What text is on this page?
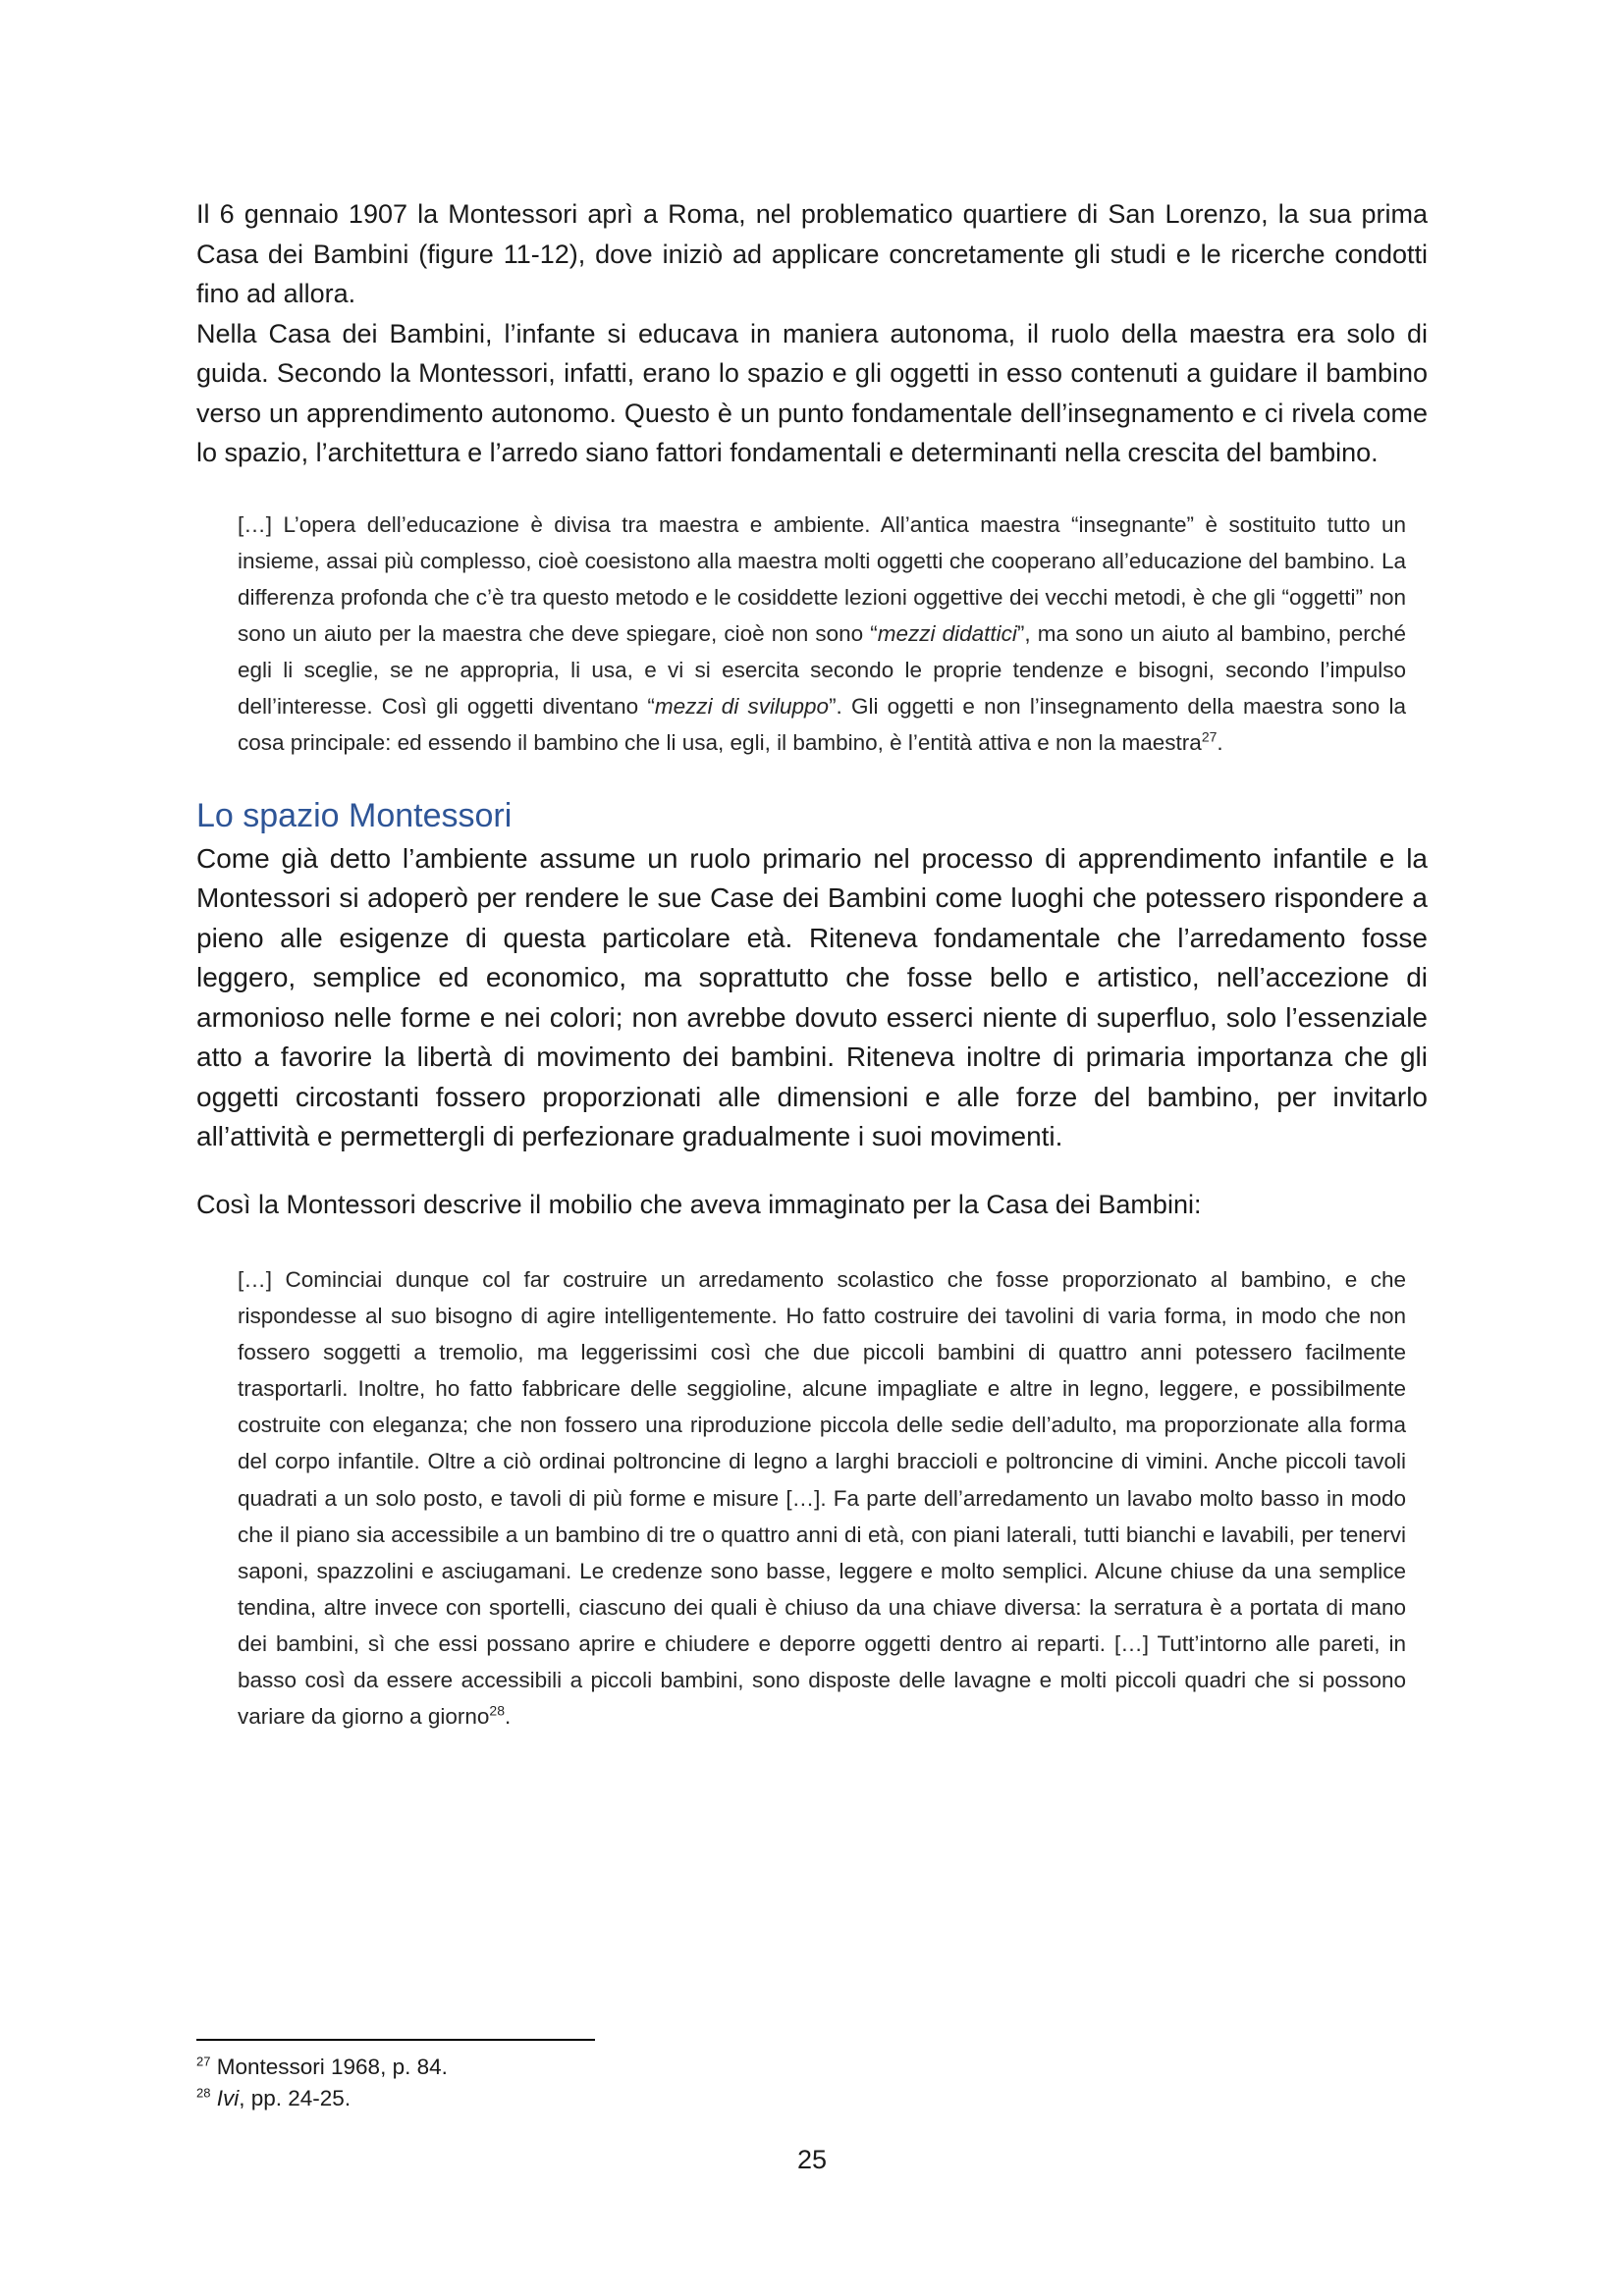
Il 6 gennaio 1907 la Montessori aprì a Roma, nel problematico quartiere di San Lorenzo, la sua prima Casa dei Bambini (figure 11-12), dove iniziò ad applicare concretamente gli studi e le ricerche condotti fino ad allora.

Nella Casa dei Bambini, l’infante si educava in maniera autonoma, il ruolo della maestra era solo di guida. Secondo la Montessori, infatti, erano lo spazio e gli oggetti in esso contenuti a guidare il bambino verso un apprendimento autonomo. Questo è un punto fondamentale dell’insegnamento e ci rivela come lo spazio, l’architettura e l’arredo siano fattori fondamentali e determinanti nella crescita del bambino.

[…] L’opera dell’educazione è divisa tra maestra e ambiente. All’antica maestra “insegnante” è sostituito tutto un insieme, assai più complesso, cioè coesistono alla maestra molti oggetti che cooperano all’educazione del bambino. La differenza profonda che c’è tra questo metodo e le cosiddette lezioni oggettive dei vecchi metodi, è che gli “oggetti” non sono un aiuto per la maestra che deve spiegare, cioè non sono “mezzi didattici”, ma sono un aiuto al bambino, perché egli li sceglie, se ne appropria, li usa, e vi si esercita secondo le proprie tendenze e bisogni, secondo l’impulso dell’interesse. Così gli oggetti diventano “mezzi di sviluppo”. Gli oggetti e non l’insegnamento della maestra sono la cosa principale: ed essendo il bambino che li usa, egli, il bambino, è l’entità attiva e non la maestra$^{27}$.
Lo spazio Montessori

Come già detto l’ambiente assume un ruolo primario nel processo di apprendimento infantile e la Montessori si adoperò per rendere le sue Case dei Bambini come luoghi che potessero rispondere a pieno alle esigenze di questa particolare età. Riteneva fondamentale che l’arredamento fosse leggero, semplice ed economico, ma soprattutto che fosse bello e artistico, nell’accezione di armonioso nelle forme e nei colori; non avrebbe dovuto esserci niente di superfluo, solo l’essenziale atto a favorire la libertà di movimento dei bambini. Riteneva inoltre di primaria importanza che gli oggetti circostanti fossero proporzionati alle dimensioni e alle forze del bambino, per invitarlo all’attività e permettergli di perfezionare gradualmente i suoi movimenti.

Così la Montessori descrive il mobilio che aveva immaginato per la Casa dei Bambini:

[…] Cominciai dunque col far costruire un arredamento scolastico che fosse proporzionato al bambino, e che rispondesse al suo bisogno di agire intelligentemente. Ho fatto costruire dei tavolini di varia forma, in modo che non fossero soggetti a tremolio, ma leggerissimi così che due piccoli bambini di quattro anni potessero facilmente trasportarli. Inoltre, ho fatto fabbricare delle seggioline, alcune impagliate e altre in legno, leggere, e possibilmente costruite con eleganza; che non fossero una riproduzione piccola delle sedie dell’adulto, ma proporzionate alla forma del corpo infantile. Oltre a ciò ordinai poltroncine di legno a larghi braccioli e poltroncine di vimini. Anche piccoli tavoli quadrati a un solo posto, e tavoli di più forme e misure […]. Fa parte dell’arredamento un lavabo molto basso in modo che il piano sia accessibile a un bambino di tre o quattro anni di età, con piani laterali, tutti bianchi e lavabili, per tenervi saponi, spazzolini e asciugamani. Le credenze sono basse, leggere e molto semplici. Alcune chiuse da una semplice tendina, altre invece con sportelli, ciascuno dei quali è chiuso da una chiave diversa: la serratura è a portata di mano dei bambini, sì che essi possano aprire e chiudere e deporre oggetti dentro ai reparti. […] Tutt’intorno alle pareti, in basso così da essere accessibili a piccoli bambini, sono disposte delle lavagne e molti piccoli quadri che si possono variare da giorno a giorno$^{28}$.
$^{27}$ Montessori 1968, p. 84.
$^{28}$ Ivi, pp. 24-25.
25
